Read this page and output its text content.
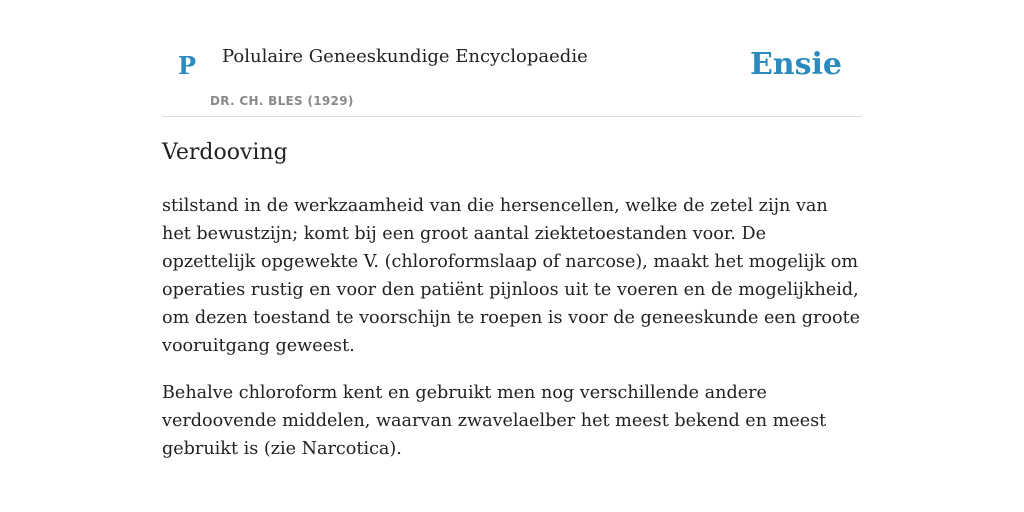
P Polulaire Geneeskundige Encyclopaedie
DR. CH. BLES (1929)
Ensie
Verdooving

stilstand in de werkzaamheid van die hersencellen, welke de zetel zijn van het bewustzijn; komt bij een groot aantal ziektetoestanden voor. De opzettelijk opgewekte V. (chloroformslaap of narcose), maakt het mogelijk om operaties rustig en voor den patiënt pijnloos uit te voeren en de mogelijkheid, om dezen toestand te voorschijn te roepen is voor de geneeskunde een groote vooruitgang geweest.

Behalve chloroform kent en gebruikt men nog verschillende andere verdoovende middelen, waarvan zwavelaelber het meest bekend en meest gebruikt is (zie Narcotica).
